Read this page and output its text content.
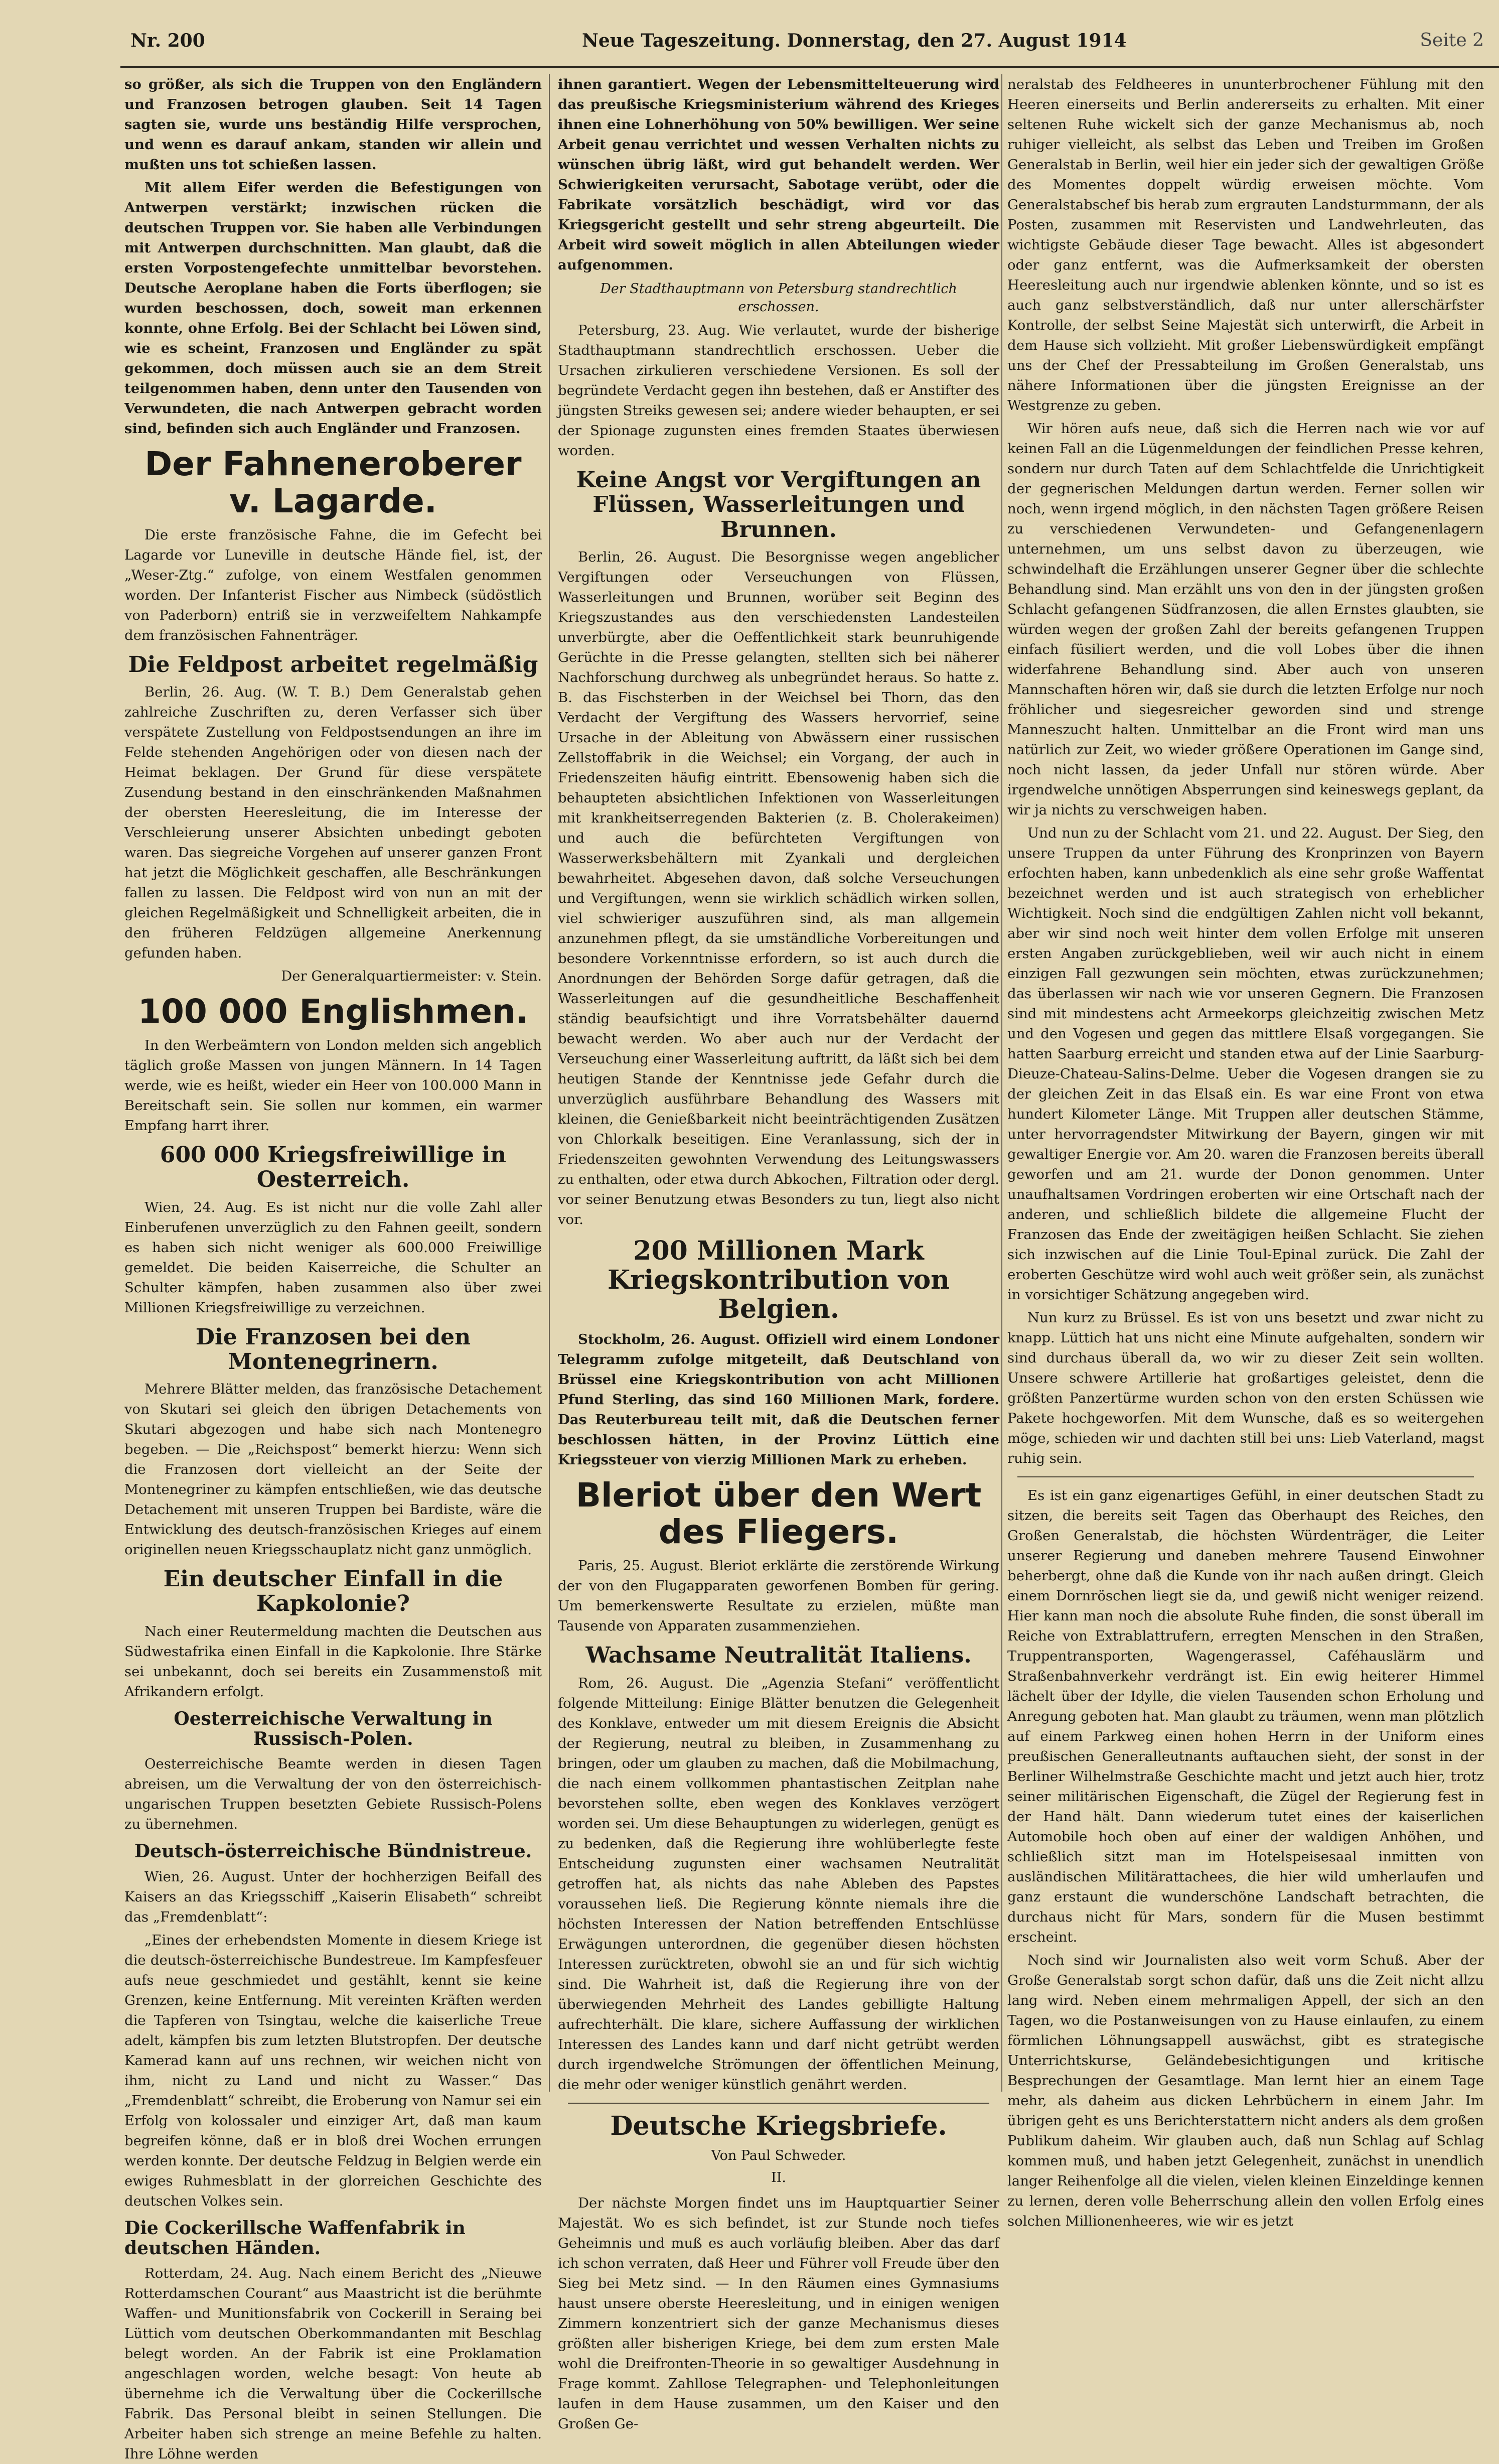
Nr. 200	Neue Tageszeitung. Donnerstag, den 27. August 1914	Seite 2

so größer, als sich die Truppen von den Engländern und Franzosen betrogen glauben. Seit 14 Tagen sagten sie, wurde uns beständig Hilfe versprochen, und wenn es darauf ankam, standen wir allein und mußten uns tot schießen lassen.

Mit allem Eifer werden die Befestigungen von Antwerpen verstärkt; inzwischen rücken die deutschen Truppen vor. Sie haben alle Verbindungen mit Antwerpen durchschnitten. Man glaubt, daß die ersten Vorpostengefechte unmittelbar bevorstehen. Deutsche Aeroplane haben die Forts überflogen; sie wurden beschossen, doch, soweit man erkennen konnte, ohne Erfolg. Bei der Schlacht bei Löwen sind, wie es scheint, Franzosen und Engländer zu spät gekommen, doch müssen auch sie an dem Streit teilgenommen haben, denn unter den Tausenden von Verwundeten, die nach Antwerpen gebracht worden sind, befinden sich auch Engländer und Franzosen.

Der Fahneneroberer v. Lagarde.

Die erste französische Fahne, die im Gefecht bei Lagarde vor Luneville in deutsche Hände fiel, ist, der „Weser-Ztg.“ zufolge, von einem Westfalen genommen worden. Der Infanterist Fischer aus Nimbeck (südöstlich von Paderborn) entriß sie in verzweifeltem Nahkampfe dem französischen Fahnenträger.

Die Feldpost arbeitet regelmäßig

Berlin, 26. Aug. (W. T. B.) Dem Generalstab gehen zahlreiche Zuschriften zu, deren Verfasser sich über verspätete Zustellung von Feldpostsendungen an ihre im Felde stehenden Angehörigen oder von diesen nach der Heimat beklagen. Der Grund für diese verspätete Zusendung bestand in den einschränkenden Maßnahmen der obersten Heeresleitung, die im Interesse der Verschleierung unserer Absichten unbedingt geboten waren. Das siegreiche Vorgehen auf unserer ganzen Front hat jetzt die Möglichkeit geschaffen, alle Beschränkungen fallen zu lassen. Die Feldpost wird von nun an mit der gleichen Regelmäßigkeit und Schnelligkeit arbeiten, die in den früheren Feldzügen allgemeine Anerkennung gefunden haben.

Der Generalquartiermeister: v. Stein.

100 000 Englishmen.

In den Werbeämtern von London melden sich angeblich täglich große Massen von jungen Männern. In 14 Tagen werde, wie es heißt, wieder ein Heer von 100.000 Mann in Bereitschaft sein. Sie sollen nur kommen, ein warmer Empfang harrt ihrer.

600 000 Kriegsfreiwillige in Oesterreich.

Wien, 24. Aug. Es ist nicht nur die volle Zahl aller Einberufenen unverzüglich zu den Fahnen geeilt, sondern es haben sich nicht weniger als 600.000 Freiwillige gemeldet. Die beiden Kaiserreiche, die Schulter an Schulter kämpfen, haben zusammen also über zwei Millionen Kriegsfreiwillige zu verzeichnen.

Die Franzosen bei den Montenegrinern.

Mehrere Blätter melden, das französische Detachement von Skutari sei gleich den übrigen Detachements von Skutari abgezogen und habe sich nach Montenegro begeben. — Die „Reichspost“ bemerkt hierzu: Wenn sich die Franzosen dort vielleicht an der Seite der Montenegriner zu kämpfen entschließen, wie das deutsche Detachement mit unseren Truppen bei Bardiste, wäre die Entwicklung des deutsch-französischen Krieges auf einem originellen neuen Kriegsschauplatz nicht ganz unmöglich.

Ein deutscher Einfall in die Kapkolonie?

Nach einer Reutermeldung machten die Deutschen aus Südwestafrika einen Einfall in die Kapkolonie. Ihre Stärke sei unbekannt, doch sei bereits ein Zusammenstoß mit Afrikandern erfolgt.

Oesterreichische Verwaltung in Russisch-Polen.

Oesterreichische Beamte werden in diesen Tagen abreisen, um die Verwaltung der von den österreichisch-ungarischen Truppen besetzten Gebiete Russisch-Polens zu übernehmen.

Deutsch-österreichische Bündnistreue.

Wien, 26. August. Unter der hochherzigen Beifall des Kaisers an das Kriegsschiff „Kaiserin Elisabeth“ schreibt das „Fremdenblatt“:

„Eines der erhebendsten Momente in diesem Kriege ist die deutsch-österreichische Bundestreue. Im Kampfesfeuer aufs neue geschmiedet und gestählt, kennt sie keine Grenzen, keine Entfernung. Mit vereinten Kräften werden die Tapferen von Tsingtau, welche die kaiserliche Treue adelt, kämpfen bis zum letzten Blutstropfen. Der deutsche Kamerad kann auf uns rechnen, wir weichen nicht von ihm, nicht zu Land und nicht zu Wasser.“ Das „Fremdenblatt“ schreibt, die Eroberung von Namur sei ein Erfolg von kolossaler und einziger Art, daß man kaum begreifen könne, daß er in bloß drei Wochen errungen werden konnte. Der deutsche Feldzug in Belgien werde ein ewiges Ruhmesblatt in der glorreichen Geschichte des deutschen Volkes sein.

Die Cockerillsche Waffenfabrik in deutschen Händen.

Rotterdam, 24. Aug. Nach einem Bericht des „Nieuwe Rotterdamschen Courant“ aus Maastricht ist die berühmte Waffen- und Munitionsfabrik von Cockerill in Seraing bei Lüttich vom deutschen Oberkommandanten mit Beschlag belegt worden. An der Fabrik ist eine Proklamation angeschlagen worden, welche besagt: Von heute ab übernehme ich die Verwaltung über die Cockerillsche Fabrik. Das Personal bleibt in seinen Stellungen. Die Arbeiter haben sich strenge an meine Befehle zu halten. Ihre Löhne werden

ihnen garantiert. Wegen der Lebensmittelteuerung wird das preußische Kriegsministerium während des Krieges ihnen eine Lohnerhöhung von 50% bewilligen. Wer seine Arbeit genau verrichtet und wessen Verhalten nichts zu wünschen übrig läßt, wird gut behandelt werden. Wer Schwierigkeiten verursacht, Sabotage verübt, oder die Fabrikate vorsätzlich beschädigt, wird vor das Kriegsgericht gestellt und sehr streng abgeurteilt. Die Arbeit wird soweit möglich in allen Abteilungen wieder aufgenommen.

Der Stadthauptmann von Petersburg standrechtlich erschossen.

Petersburg, 23. Aug. Wie verlautet, wurde der bisherige Stadthauptmann standrechtlich erschossen. Ueber die Ursachen zirkulieren verschiedene Versionen. Es soll der begründete Verdacht gegen ihn bestehen, daß er Anstifter des jüngsten Streiks gewesen sei; andere wieder behaupten, er sei der Spionage zugunsten eines fremden Staates überwiesen worden.

Keine Angst vor Vergiftungen an Flüssen, Wasserleitungen und Brunnen.

Berlin, 26. August. Die Besorgnisse wegen angeblicher Vergiftungen oder Verseuchungen von Flüssen, Wasserleitungen und Brunnen, worüber seit Beginn des Kriegszustandes aus den verschiedensten Landesteilen unverbürgte, aber die Oeffentlichkeit stark beunruhigende Gerüchte in die Presse gelangten, stellten sich bei näherer Nachforschung durchweg als unbegründet heraus. So hatte z. B. das Fischsterben in der Weichsel bei Thorn, das den Verdacht der Vergiftung des Wassers hervorrief, seine Ursache in der Ableitung von Abwässern einer russischen Zellstoffabrik in die Weichsel; ein Vorgang, der auch in Friedenszeiten häufig eintritt. Ebensowenig haben sich die behaupteten absichtlichen Infektionen von Wasserleitungen mit krankheitserregenden Bakterien (z. B. Cholerakeimen) und auch die befürchteten Vergiftungen von Wasserwerksbehältern mit Zyankali und dergleichen bewahrheitet. Abgesehen davon, daß solche Verseuchungen und Vergiftungen, wenn sie wirklich schädlich wirken sollen, viel schwieriger auszuführen sind, als man allgemein anzunehmen pflegt, da sie umständliche Vorbereitungen und besondere Vorkenntnisse erfordern, so ist auch durch die Anordnungen der Behörden Sorge dafür getragen, daß die Wasserleitungen auf die gesundheitliche Beschaffenheit ständig beaufsichtigt und ihre Vorratsbehälter dauernd bewacht werden. Wo aber auch nur der Verdacht der Verseuchung einer Wasserleitung auftritt, da läßt sich bei dem heutigen Stande der Kenntnisse jede Gefahr durch die unverzüglich ausführbare Behandlung des Wassers mit kleinen, die Genießbarkeit nicht beeinträchtigenden Zusätzen von Chlorkalk beseitigen. Eine Veranlassung, sich der in Friedenszeiten gewohnten Verwendung des Leitungswassers zu enthalten, oder etwa durch Abkochen, Filtration oder dergl. vor seiner Benutzung etwas Besonders zu tun, liegt also nicht vor.

200 Millionen Mark Kriegskontribution von Belgien.

Stockholm, 26. August. Offiziell wird einem Londoner Telegramm zufolge mitgeteilt, daß Deutschland von Brüssel eine Kriegskontribution von acht Millionen Pfund Sterling, das sind 160 Millionen Mark, fordere. Das Reuterbureau teilt mit, daß die Deutschen ferner beschlossen hätten, in der Provinz Lüttich eine Kriegssteuer von vierzig Millionen Mark zu erheben.

Bleriot über den Wert des Fliegers.

Paris, 25. August. Bleriot erklärte die zerstörende Wirkung der von den Flugapparaten geworfenen Bomben für gering. Um bemerkenswerte Resultate zu erzielen, müßte man Tausende von Apparaten zusammenziehen.

Wachsame Neutralität Italiens.

Rom, 26. August. Die „Agenzia Stefani“ veröffentlicht folgende Mitteilung: Einige Blätter benutzen die Gelegenheit des Konklave, entweder um mit diesem Ereignis die Absicht der Regierung, neutral zu bleiben, in Zusammenhang zu bringen, oder um glauben zu machen, daß die Mobilmachung, die nach einem vollkommen phantastischen Zeitplan nahe bevorstehen sollte, eben wegen des Konklaves verzögert worden sei. Um diese Behauptungen zu widerlegen, genügt es zu bedenken, daß die Regierung ihre wohlüberlegte feste Entscheidung zugunsten einer wachsamen Neutralität getroffen hat, als nichts das nahe Ableben des Papstes voraussehen ließ. Die Regierung könnte niemals ihre die höchsten Interessen der Nation betreffenden Entschlüsse Erwägungen unterordnen, die gegenüber diesen höchsten Interessen zurücktreten, obwohl sie an und für sich wichtig sind. Die Wahrheit ist, daß die Regierung ihre von der überwiegenden Mehrheit des Landes gebilligte Haltung aufrechterhält. Die klare, sichere Auffassung der wirklichen Interessen des Landes kann und darf nicht getrübt werden durch irgendwelche Strömungen der öffentlichen Meinung, die mehr oder weniger künstlich genährt werden.

Deutsche Kriegsbriefe.
Von Paul Schweder.
II.

Der nächste Morgen findet uns im Hauptquartier Seiner Majestät. Wo es sich befindet, ist zur Stunde noch tiefes Geheimnis und muß es auch vorläufig bleiben. Aber das darf ich schon verraten, daß Heer und Führer voll Freude über den Sieg bei Metz sind. — In den Räumen eines Gymnasiums haust unsere oberste Heeresleitung, und in einigen wenigen Zimmern konzentriert sich der ganze Mechanismus dieses größten aller bisherigen Kriege, bei dem zum ersten Male wohl die Dreifronten-Theorie in so gewaltiger Ausdehnung in Frage kommt. Zahllose Telegraphen- und Telephonleitungen laufen in dem Hause zusammen, um den Kaiser und den Großen Ge-

neralstab des Feldheeres in ununterbrochener Fühlung mit den Heeren einerseits und Berlin andererseits zu erhalten. Mit einer seltenen Ruhe wickelt sich der ganze Mechanismus ab, noch ruhiger vielleicht, als selbst das Leben und Treiben im Großen Generalstab in Berlin, weil hier ein jeder sich der gewaltigen Größe des Momentes doppelt würdig erweisen möchte. Vom Generalstabschef bis herab zum ergrauten Landsturmmann, der als Posten, zusammen mit Reservisten und Landwehrleuten, das wichtigste Gebäude dieser Tage bewacht. Alles ist abgesondert oder ganz entfernt, was die Aufmerksamkeit der obersten Heeresleitung auch nur irgendwie ablenken könnte, und so ist es auch ganz selbstverständlich, daß nur unter allerschärfster Kontrolle, der selbst Seine Majestät sich unterwirft, die Arbeit in dem Hause sich vollzieht. Mit großer Liebenswürdigkeit empfängt uns der Chef der Pressabteilung im Großen Generalstab, uns nähere Informationen über die jüngsten Ereignisse an der Westgrenze zu geben.

Wir hören aufs neue, daß sich die Herren nach wie vor auf keinen Fall an die Lügenmeldungen der feindlichen Presse kehren, sondern nur durch Taten auf dem Schlachtfelde die Unrichtigkeit der gegnerischen Meldungen dartun werden. Ferner sollen wir noch, wenn irgend möglich, in den nächsten Tagen größere Reisen zu verschiedenen Verwundeten- und Gefangenenlagern unternehmen, um uns selbst davon zu überzeugen, wie schwindelhaft die Erzählungen unserer Gegner über die schlechte Behandlung sind. Man erzählt uns von den in der jüngsten großen Schlacht gefangenen Südfranzosen, die allen Ernstes glaubten, sie würden wegen der großen Zahl der bereits gefangenen Truppen einfach füsiliert werden, und die voll Lobes über die ihnen widerfahrene Behandlung sind. Aber auch von unseren Mannschaften hören wir, daß sie durch die letzten Erfolge nur noch fröhlicher und siegesreicher geworden sind und strenge Manneszucht halten. Unmittelbar an die Front wird man uns natürlich zur Zeit, wo wieder größere Operationen im Gange sind, noch nicht lassen, da jeder Unfall nur stören würde. Aber irgendwelche unnötigen Absperrungen sind keineswegs geplant, da wir ja nichts zu verschweigen haben.

Und nun zu der Schlacht vom 21. und 22. August. Der Sieg, den unsere Truppen da unter Führung des Kronprinzen von Bayern erfochten haben, kann unbedenklich als eine sehr große Waffentat bezeichnet werden und ist auch strategisch von erheblicher Wichtigkeit. Noch sind die endgültigen Zahlen nicht voll bekannt, aber wir sind noch weit hinter dem vollen Erfolge mit unseren ersten Angaben zurückgeblieben, weil wir auch nicht in einem einzigen Fall gezwungen sein möchten, etwas zurückzunehmen; das überlassen wir nach wie vor unseren Gegnern. Die Franzosen sind mit mindestens acht Armeekorps gleichzeitig zwischen Metz und den Vogesen und gegen das mittlere Elsaß vorgegangen. Sie hatten Saarburg erreicht und standen etwa auf der Linie Saarburg-Dieuze-Chateau-Salins-Delme. Ueber die Vogesen drangen sie zu der gleichen Zeit in das Elsaß ein. Es war eine Front von etwa hundert Kilometer Länge. Mit Truppen aller deutschen Stämme, unter hervorragendster Mitwirkung der Bayern, gingen wir mit gewaltiger Energie vor. Am 20. waren die Franzosen bereits überall geworfen und am 21. wurde der Donon genommen. Unter unaufhaltsamen Vordringen eroberten wir eine Ortschaft nach der anderen, und schließlich bildete die allgemeine Flucht der Franzosen das Ende der zweitägigen heißen Schlacht. Sie ziehen sich inzwischen auf die Linie Toul-Epinal zurück. Die Zahl der eroberten Geschütze wird wohl auch weit größer sein, als zunächst in vorsichtiger Schätzung angegeben wird.

Nun kurz zu Brüssel. Es ist von uns besetzt und zwar nicht zu knapp. Lüttich hat uns nicht eine Minute aufgehalten, sondern wir sind durchaus überall da, wo wir zu dieser Zeit sein wollten. Unsere schwere Artillerie hat großartiges geleistet, denn die größten Panzertürme wurden schon von den ersten Schüssen wie Pakete hochgeworfen. Mit dem Wunsche, daß es so weitergehen möge, schieden wir und dachten still bei uns: Lieb Vaterland, magst ruhig sein.

Es ist ein ganz eigenartiges Gefühl, in einer deutschen Stadt zu sitzen, die bereits seit Tagen das Oberhaupt des Reiches, den Großen Generalstab, die höchsten Würdenträger, die Leiter unserer Regierung und daneben mehrere Tausend Einwohner beherbergt, ohne daß die Kunde von ihr nach außen dringt. Gleich einem Dornröschen liegt sie da, und gewiß nicht weniger reizend. Hier kann man noch die absolute Ruhe finden, die sonst überall im Reiche von Extrablattrufern, erregten Menschen in den Straßen, Truppentransporten, Wagengerassel, Caféhauslärm und Straßenbahnverkehr verdrängt ist. Ein ewig heiterer Himmel lächelt über der Idylle, die vielen Tausenden schon Erholung und Anregung geboten hat. Man glaubt zu träumen, wenn man plötzlich auf einem Parkweg einen hohen Herrn in der Uniform eines preußischen Generalleutnants auftauchen sieht, der sonst in der Berliner Wilhelmstraße Geschichte macht und jetzt auch hier, trotz seiner militärischen Eigenschaft, die Zügel der Regierung fest in der Hand hält. Dann wiederum tutet eines der kaiserlichen Automobile hoch oben auf einer der waldigen Anhöhen, und schließlich sitzt man im Hotelspeisesaal inmitten von ausländischen Militärattachees, die hier wild umherlaufen und ganz erstaunt die wunderschöne Landschaft betrachten, die durchaus nicht für Mars, sondern für die Musen bestimmt erscheint.

Noch sind wir Journalisten also weit vorm Schuß. Aber der Große Generalstab sorgt schon dafür, daß uns die Zeit nicht allzu lang wird. Neben einem mehrmaligen Appell, der sich an den Tagen, wo die Postanweisungen von zu Hause einlaufen, zu einem förmlichen Löhnungsappell auswächst, gibt es strategische Unterrichtskurse, Geländebesichtigungen und kritische Besprechungen der Gesamtlage. Man lernt hier an einem Tage mehr, als daheim aus dicken Lehrbüchern in einem Jahr. Im übrigen geht es uns Berichterstattern nicht anders als dem großen Publikum daheim. Wir glauben auch, daß nun Schlag auf Schlag kommen muß, und haben jetzt Gelegenheit, zunächst in unendlich langer Reihenfolge all die vielen, vielen kleinen Einzeldinge kennen zu lernen, deren volle Beherrschung allein den vollen Erfolg eines solchen Millionenheeres, wie wir es jetzt
